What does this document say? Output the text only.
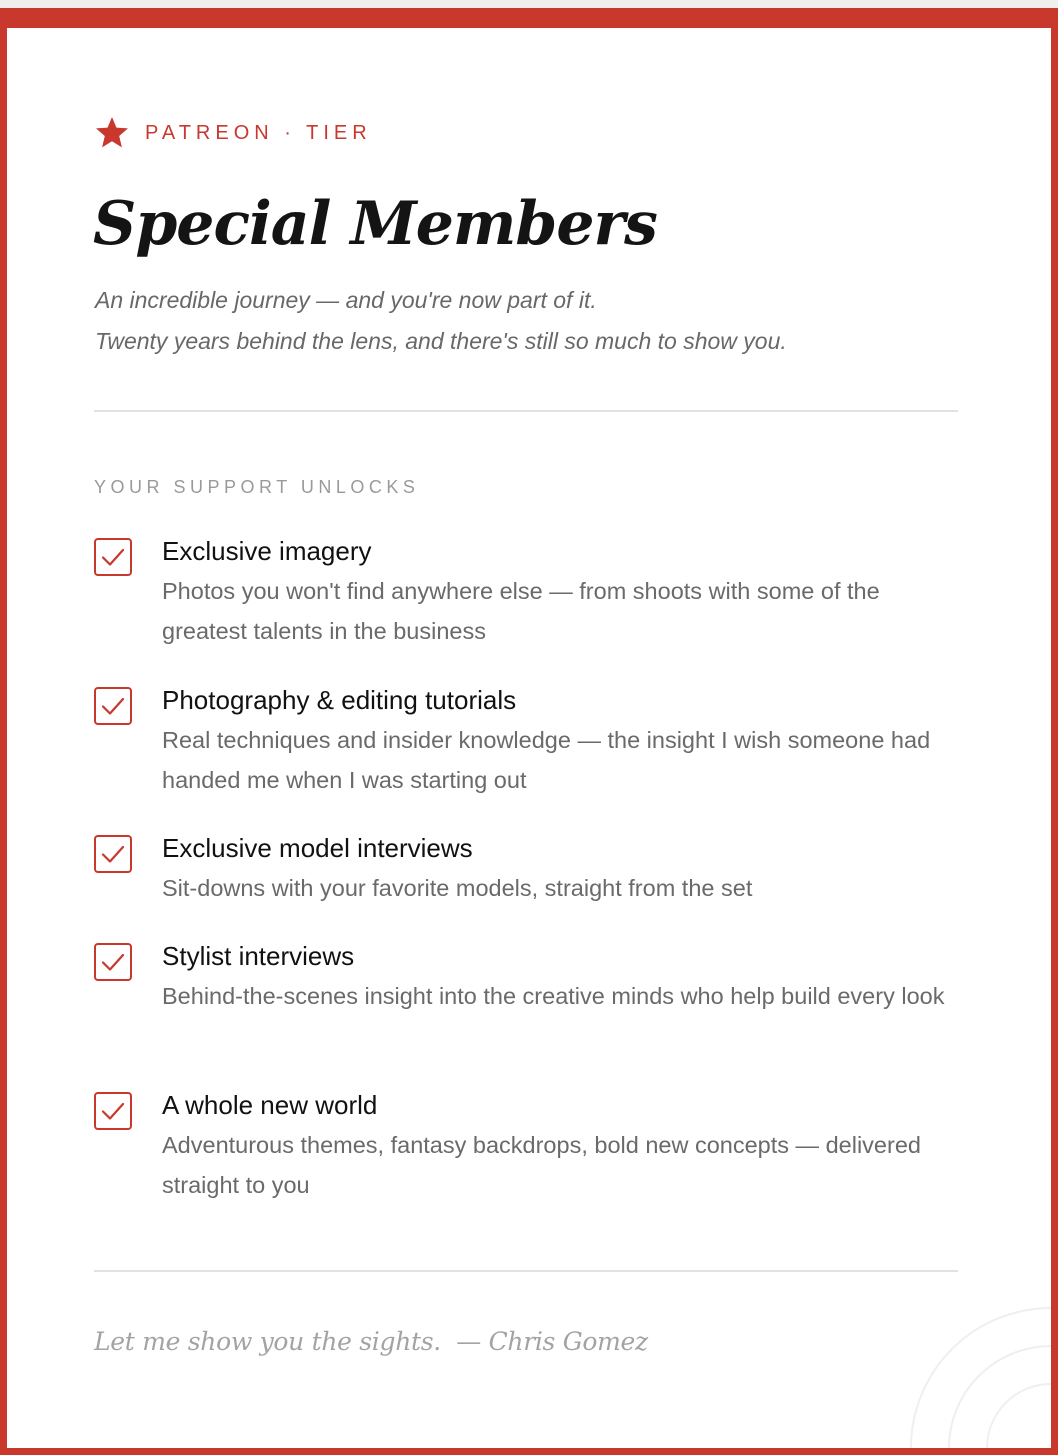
PATREON · TIER
Special Members
An incredible journey — and you're now part of it.
Twenty years behind the lens, and there's still so much to show you.
YOUR SUPPORT UNLOCKS
Exclusive imagery
Photos you won't find anywhere else — from shoots with some of the greatest talents in the business
Photography & editing tutorials
Real techniques and insider knowledge — the insight I wish someone had handed me when I was starting out
Exclusive model interviews
Sit-downs with your favorite models, straight from the set
Stylist interviews
Behind-the-scenes insight into the creative minds who help build every look
A whole new world
Adventurous themes, fantasy backdrops, bold new concepts — delivered straight to you
Let me show you the sights. — Chris Gomez
